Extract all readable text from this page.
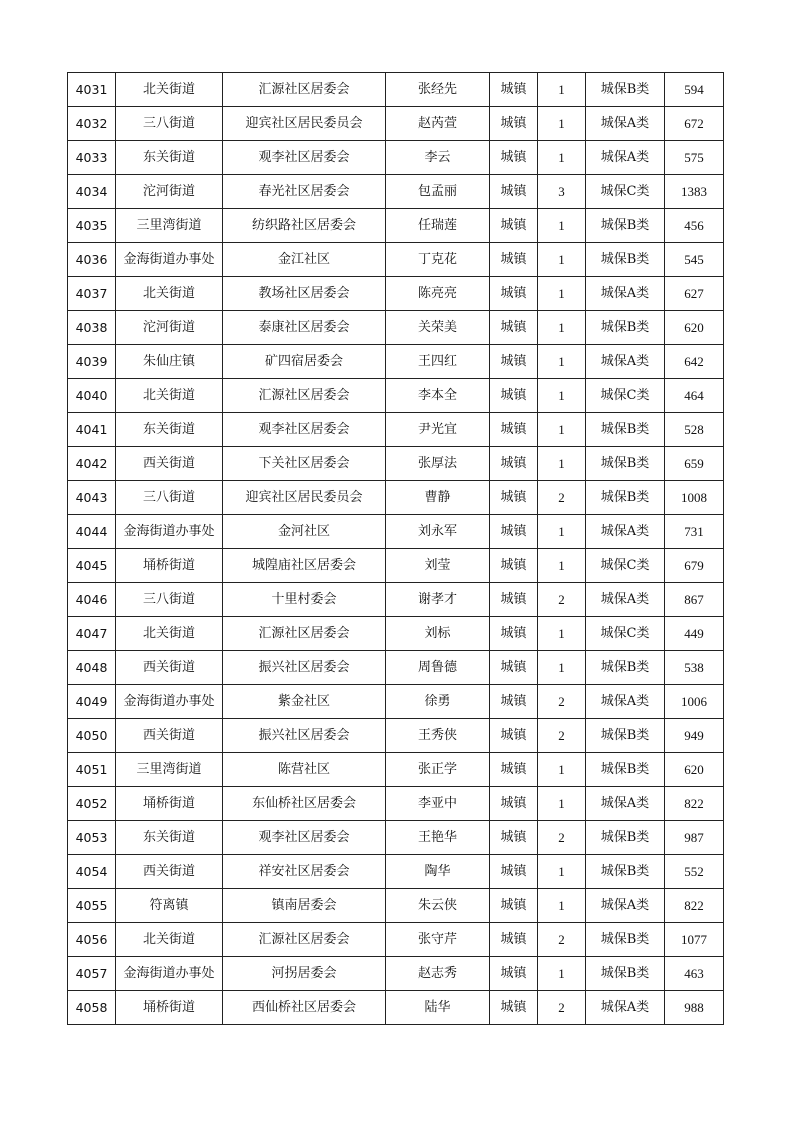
4031	北关街道	汇源社区居委会	张经先	城镇	1	城保B类	594
4032	三八街道	迎宾社区居民委员会	赵芮萱	城镇	1	城保A类	672
4033	东关街道	观李社区居委会	李云	城镇	1	城保A类	575
4034	沱河街道	春光社区居委会	包孟丽	城镇	3	城保C类	1383
4035	三里湾街道	纺织路社区居委会	任瑞莲	城镇	1	城保B类	456
4036	金海街道办事处	金江社区	丁克花	城镇	1	城保B类	545
4037	北关街道	教场社区居委会	陈亮亮	城镇	1	城保A类	627
4038	沱河街道	泰康社区居委会	关荣美	城镇	1	城保B类	620
4039	朱仙庄镇	矿四宿居委会	王四红	城镇	1	城保A类	642
4040	北关街道	汇源社区居委会	李本全	城镇	1	城保C类	464
4041	东关街道	观李社区居委会	尹光宜	城镇	1	城保B类	528
4042	西关街道	下关社区居委会	张厚法	城镇	1	城保B类	659
4043	三八街道	迎宾社区居民委员会	曹静	城镇	2	城保B类	1008
4044	金海街道办事处	金河社区	刘永军	城镇	1	城保A类	731
4045	埇桥街道	城隍庙社区居委会	刘莹	城镇	1	城保C类	679
4046	三八街道	十里村委会	谢孝才	城镇	2	城保A类	867
4047	北关街道	汇源社区居委会	刘标	城镇	1	城保C类	449
4048	西关街道	振兴社区居委会	周鲁德	城镇	1	城保B类	538
4049	金海街道办事处	紫金社区	徐勇	城镇	2	城保A类	1006
4050	西关街道	振兴社区居委会	王秀侠	城镇	2	城保B类	949
4051	三里湾街道	陈营社区	张正学	城镇	1	城保B类	620
4052	埇桥街道	东仙桥社区居委会	李亚中	城镇	1	城保A类	822
4053	东关街道	观李社区居委会	王艳华	城镇	2	城保B类	987
4054	西关街道	祥安社区居委会	陶华	城镇	1	城保B类	552
4055	符离镇	镇南居委会	朱云侠	城镇	1	城保A类	822
4056	北关街道	汇源社区居委会	张守芹	城镇	2	城保B类	1077
4057	金海街道办事处	河拐居委会	赵志秀	城镇	1	城保B类	463
4058	埇桥街道	西仙桥社区居委会	陆华	城镇	2	城保A类	988
